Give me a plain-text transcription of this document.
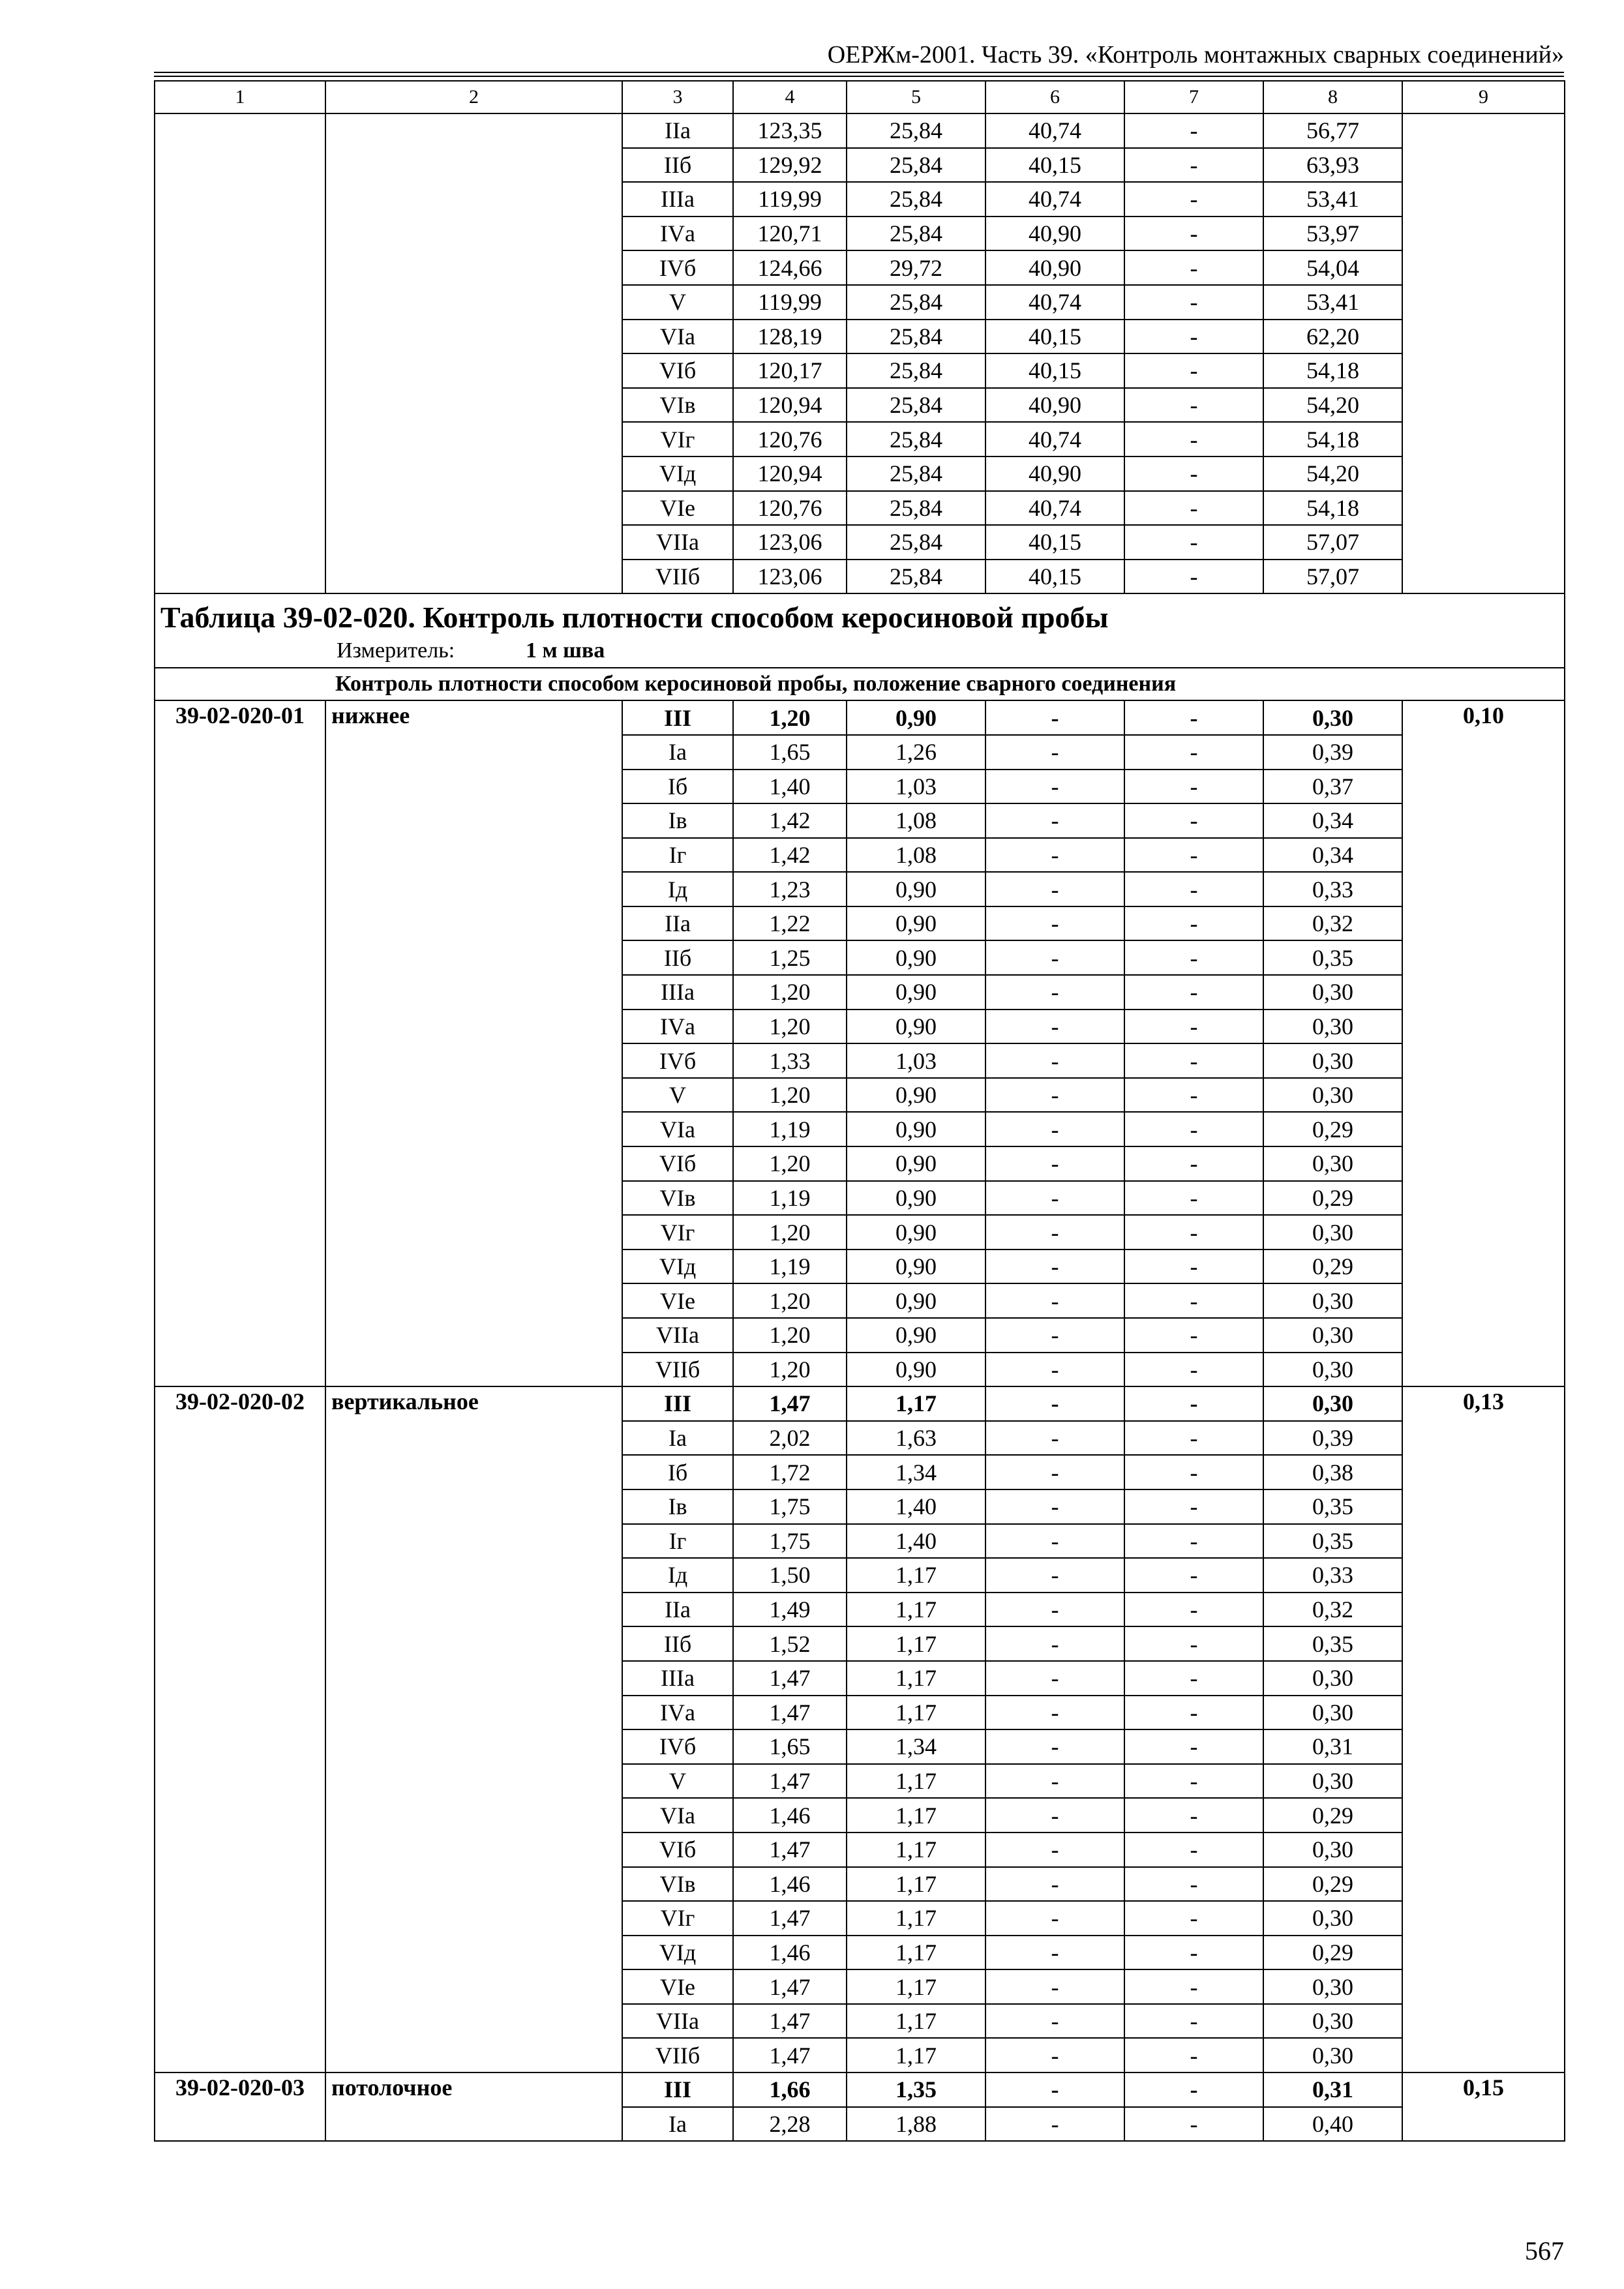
ОЕРЖм-2001. Часть 39. «Контроль монтажных сварных соединений»
1	2	3	4	5	6	7	8	9
		IIа	123,35	25,84	40,74	-	56,77	
		IIб	129,92	25,84	40,15	-	63,93	
		IIIа	119,99	25,84	40,74	-	53,41	
		IVа	120,71	25,84	40,90	-	53,97	
		IVб	124,66	29,72	40,90	-	54,04	
		V	119,99	25,84	40,74	-	53,41	
		VIа	128,19	25,84	40,15	-	62,20	
		VIб	120,17	25,84	40,15	-	54,18	
		VIв	120,94	25,84	40,90	-	54,20	
		VIг	120,76	25,84	40,74	-	54,18	
		VIд	120,94	25,84	40,90	-	54,20	
		VIе	120,76	25,84	40,74	-	54,18	
		VIIа	123,06	25,84	40,15	-	57,07	
		VIIб	123,06	25,84	40,15	-	57,07	

Таблица 39-02-020. Контроль плотности способом керосиновой пробы
Измеритель: 1 м шва								

Контроль плотности способом керосиновой пробы, положение сварного соединения								
39-02-020-01	нижнее	III	1,20	0,90	-	-	0,30	0,10
		Iа	1,65	1,26	-	-	0,39	
		Iб	1,40	1,03	-	-	0,37	
		Iв	1,42	1,08	-	-	0,34	
		Iг	1,42	1,08	-	-	0,34	
		Iд	1,23	0,90	-	-	0,33	
		IIа	1,22	0,90	-	-	0,32	
		IIб	1,25	0,90	-	-	0,35	
		IIIа	1,20	0,90	-	-	0,30	
		IVа	1,20	0,90	-	-	0,30	
		IVб	1,33	1,03	-	-	0,30	
		V	1,20	0,90	-	-	0,30	
		VIа	1,19	0,90	-	-	0,29	
		VIб	1,20	0,90	-	-	0,30	
		VIв	1,19	0,90	-	-	0,29	
		VIг	1,20	0,90	-	-	0,30	
		VIд	1,19	0,90	-	-	0,29	
		VIе	1,20	0,90	-	-	0,30	
		VIIа	1,20	0,90	-	-	0,30	
		VIIб	1,20	0,90	-	-	0,30	
39-02-020-02	вертикальное	III	1,47	1,17	-	-	0,30	0,13
		Iа	2,02	1,63	-	-	0,39	
		Iб	1,72	1,34	-	-	0,38	
		Iв	1,75	1,40	-	-	0,35	
		Iг	1,75	1,40	-	-	0,35	
		Iд	1,50	1,17	-	-	0,33	
		IIа	1,49	1,17	-	-	0,32	
		IIб	1,52	1,17	-	-	0,35	
		IIIа	1,47	1,17	-	-	0,30	
		IVа	1,47	1,17	-	-	0,30	
		IVб	1,65	1,34	-	-	0,31	
		V	1,47	1,17	-	-	0,30	
		VIа	1,46	1,17	-	-	0,29	
		VIб	1,47	1,17	-	-	0,30	
		VIв	1,46	1,17	-	-	0,29	
		VIг	1,47	1,17	-	-	0,30	
		VIд	1,46	1,17	-	-	0,29	
		VIе	1,47	1,17	-	-	0,30	
		VIIа	1,47	1,17	-	-	0,30	
		VIIб	1,47	1,17	-	-	0,30	
39-02-020-03	потолочное	III	1,66	1,35	-	-	0,31	0,15
		Iа	2,28	1,88	-	-	0,40	
567
